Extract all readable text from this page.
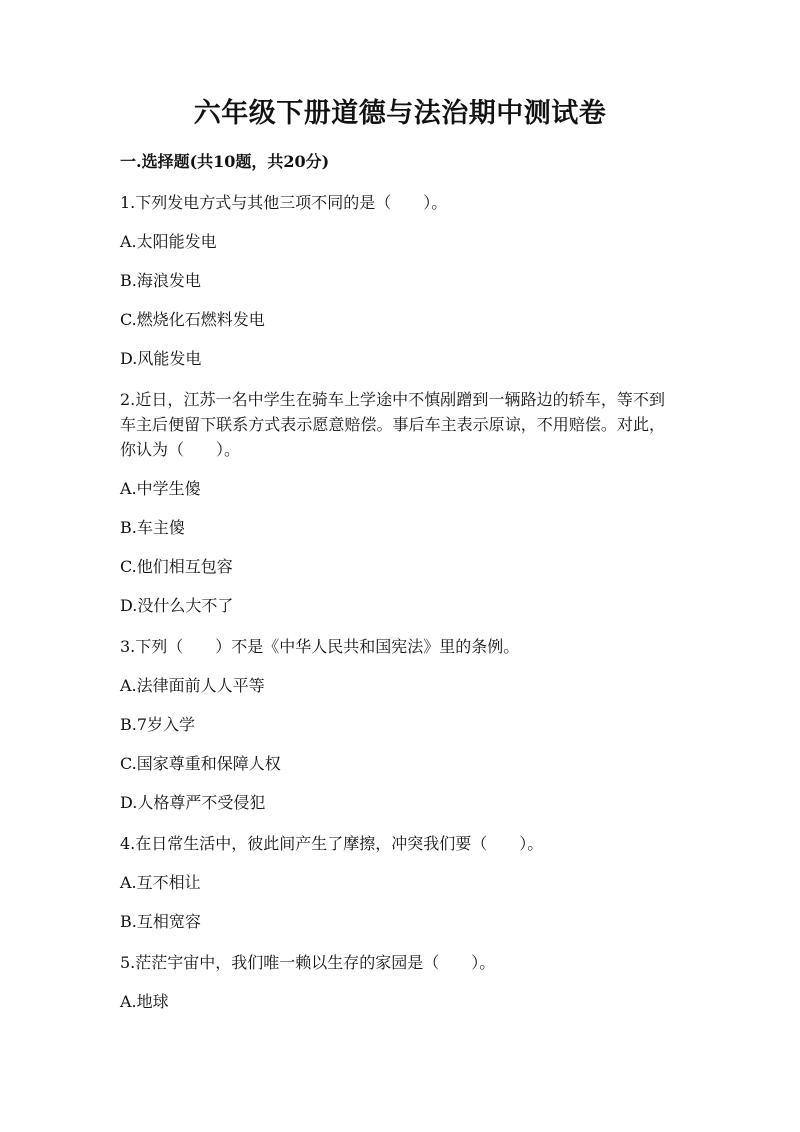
六年级下册道德与法治期中测试卷
一.选择题(共10题，共20分)

1.下列发电方式与其他三项不同的是（　　）。

A.太阳能发电

B.海浪发电

C.燃烧化石燃料发电

D.风能发电

2.近日，江苏一名中学生在骑车上学途中不慎剐蹭到一辆路边的轿车，等不到车主后便留下联系方式表示愿意赔偿。事后车主表示原谅，不用赔偿。对此，你认为（　　）。

A.中学生傻

B.车主傻

C.他们相互包容

D.没什么大不了

3.下列（　　）不是《中华人民共和国宪法》里的条例。

A.法律面前人人平等

B.7岁入学

C.国家尊重和保障人权

D.人格尊严不受侵犯

4.在日常生活中，彼此间产生了摩擦，冲突我们要（　　）。

A.互不相让

B.互相宽容

5.茫茫宇宙中，我们唯一赖以生存的家园是（　　）。

A.地球
